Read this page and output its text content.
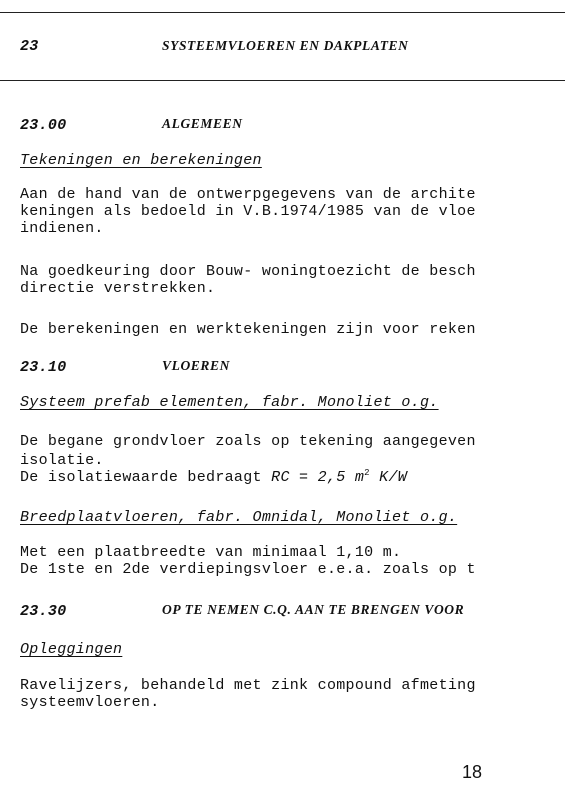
23	SYSTEEMVLOEREN EN DAKPLATEN
23.00	ALGEMEEN
Tekeningen en berekeningen
Aan de hand van de ontwerpgegevens van de archite
keningen als bedoeld in V.B.1974/1985 van de vloe
indienen.
Na goedkeuring door Bouw- woningtoezicht de besch
directie verstrekken.
De berekeningen en werktekeningen zijn voor reken
23.10	VLOEREN
Systeem prefab elementen, fabr. Monoliet o.g.
De begane grondvloer zoals op tekening aangegeven
isolatie.
De isolatiewaarde bedraagt RC = 2,5 $m^2$ K/W
Breedplaatvloeren, fabr. Omnidal, Monoliet o.g.
Met een plaatbreedte van minimaal 1,10 m.
De 1ste en 2de verdiepingsvloer e.e.a. zoals op t
23.30	OP TE NEMEN C.Q. AAN TE BRENGEN VOOR
Opleggingen
Ravelijzers, behandeld met zink compound afmeting
systeemvloeren.
18
